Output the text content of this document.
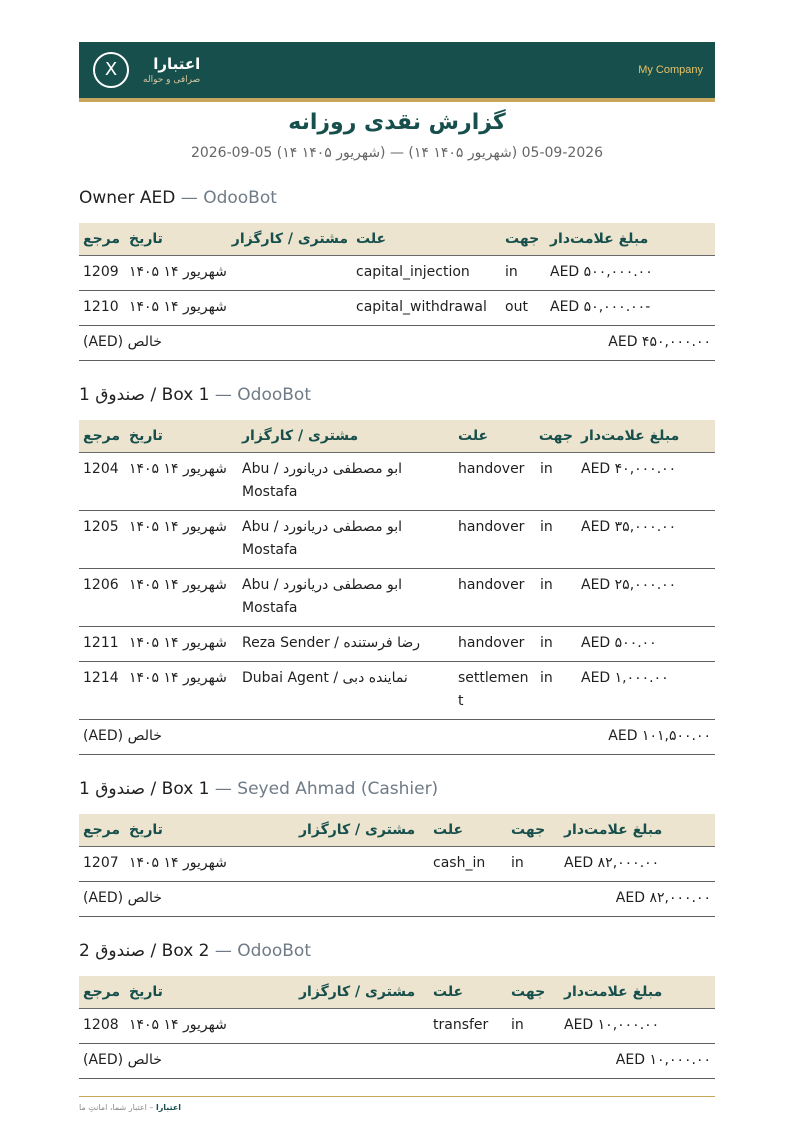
X	اعتبارا
صرافی و حواله
My Company
گزارش نقدی روزانه
2026-09-05 (۱۴ شهریور ۱۴۰۵) — (شهریور ۱۴۰۵ ۱۴) 2026-09-05
Owner AED — OdooBot
مرجع	تاریخ	مشتری / کارگزار	علت	جهت	مبلغ علامت‌دار
1209	شهریور ۱۴ ۱۴۰۵		capital_injection	in	AED ۵۰۰,۰۰۰.۰۰
1210	شهریور ۱۴ ۱۴۰۵		capital_withdrawal	out	AED ۵۰,۰۰۰.۰۰-
(AED) خالص			AED ۴۵۰,۰۰۰.۰۰		
1 صندوق / Box 1 — OdooBot
مرجع	تاریخ	مشتری / کارگزار	علت	جهت	مبلغ علامت‌دار
1204	شهریور ۱۴ ۱۴۰۵	Abu / ابو مصطفی دریانورد Mostafa	handover	in	AED ۴۰,۰۰۰.۰۰
1205	شهریور ۱۴ ۱۴۰۵	Abu / ابو مصطفی دریانورد Mostafa	handover	in	AED ۳۵,۰۰۰.۰۰
1206	شهریور ۱۴ ۱۴۰۵	Abu / ابو مصطفی دریانورد Mostafa	handover	in	AED ۲۵,۰۰۰.۰۰
1211	شهریور ۱۴ ۱۴۰۵	Reza Sender / رضا فرستنده	handover	in	AED ۵۰۰.۰۰
1214	شهریور ۱۴ ۱۴۰۵	Dubai Agent / نماینده دبی	settlement	in	AED ۱,۰۰۰.۰۰
(AED) خالص			AED ۱۰۱,۵۰۰.۰۰		
1 صندوق / Box 1 — Seyed Ahmad (Cashier)
مرجع	تاریخ	مشتری / کارگزار	علت	جهت	مبلغ علامت‌دار
1207	شهریور ۱۴ ۱۴۰۵		cash_in	in	AED ۸۲,۰۰۰.۰۰
(AED) خالص			AED ۸۲,۰۰۰.۰۰		
2 صندوق / Box 2 — OdooBot
مرجع	تاریخ	مشتری / کارگزار	علت	جهت	مبلغ علامت‌دار
1208	شهریور ۱۴ ۱۴۰۵		transfer	in	AED ۱۰,۰۰۰.۰۰
(AED) خالص			AED ۱۰,۰۰۰.۰۰		
اعتبارا – اعتبار شما، امانتِ ما
